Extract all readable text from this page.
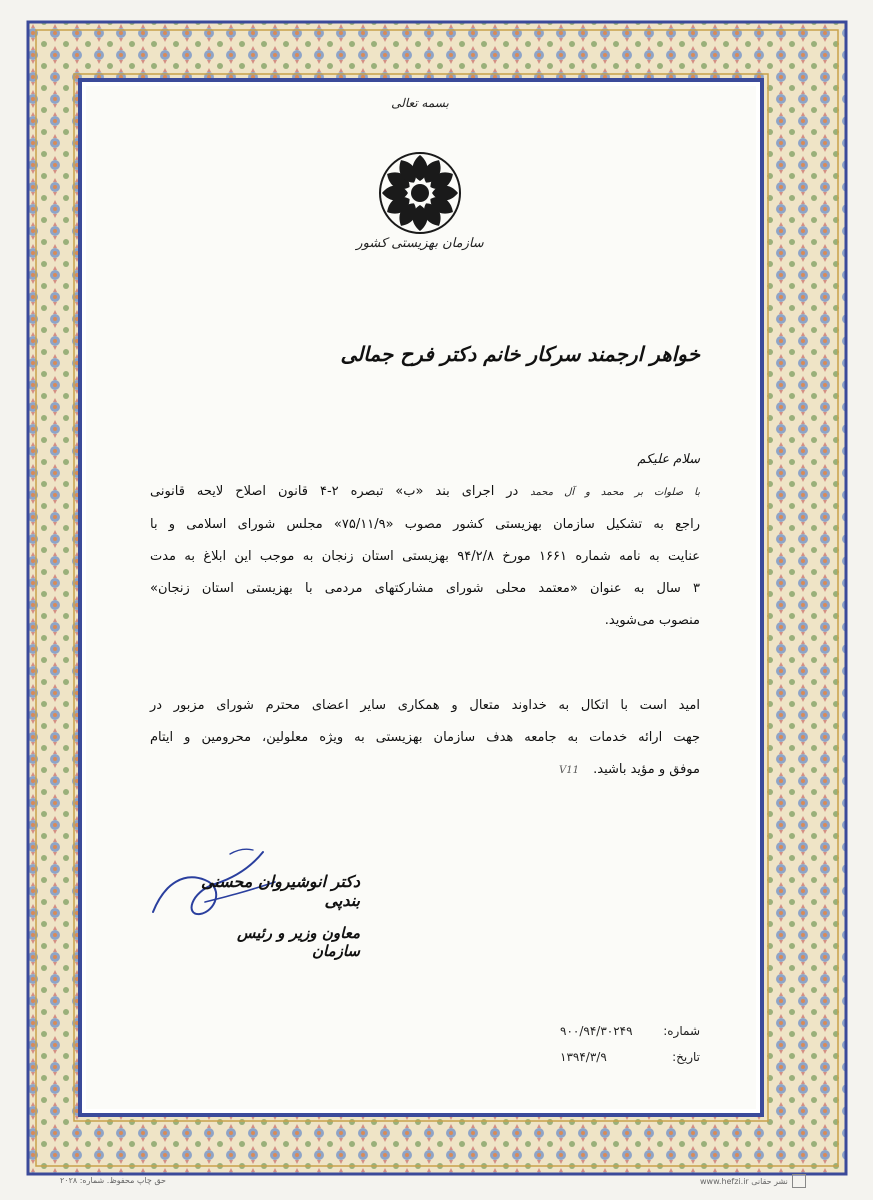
بسمه تعالی
سازمان بهزیستی کشور
خواهر ارجمند سرکار خانم دکتر فرح جمالی
سلام علیکم
با صلوات بر محمد و آل محمد در اجرای بند «ب» تبصره ۲-۴ قانون اصلاح لایحه قانونی
راجع به تشکیل سازمان بهزیستی کشور مصوب «۷۵/۱۱/۹» مجلس شورای اسلامی و با
عنایت به نامه شماره ۱۶۶۱ مورخ ۹۴/۲/۸ بهزیستی استان زنجان به موجب این ابلاغ به مدت
۳ سال به عنوان «معتمد محلی شورای مشارکتهای مردمی با بهزیستی استان زنجان»
منصوب می‌شوید.
امید است با اتکال به خداوند متعال و همکاری سایر اعضای محترم شورای مزبور در
جهت ارائه خدمات به جامعه هدف سازمان بهزیستی به ویژه معلولین، محرومین و ایتام
موفق و مؤید باشید. V11
دکتر انوشیروان محسنی بندپی
معاون وزیر و رئیس سازمان
شماره:
۹۰۰/۹۴/۳۰۲۴۹
تاریخ:
۱۳۹۴/۳/۹
حق چاپ محفوظ. شماره: ۲۰۲۸	www.hefzi.ir نشر حقانی
